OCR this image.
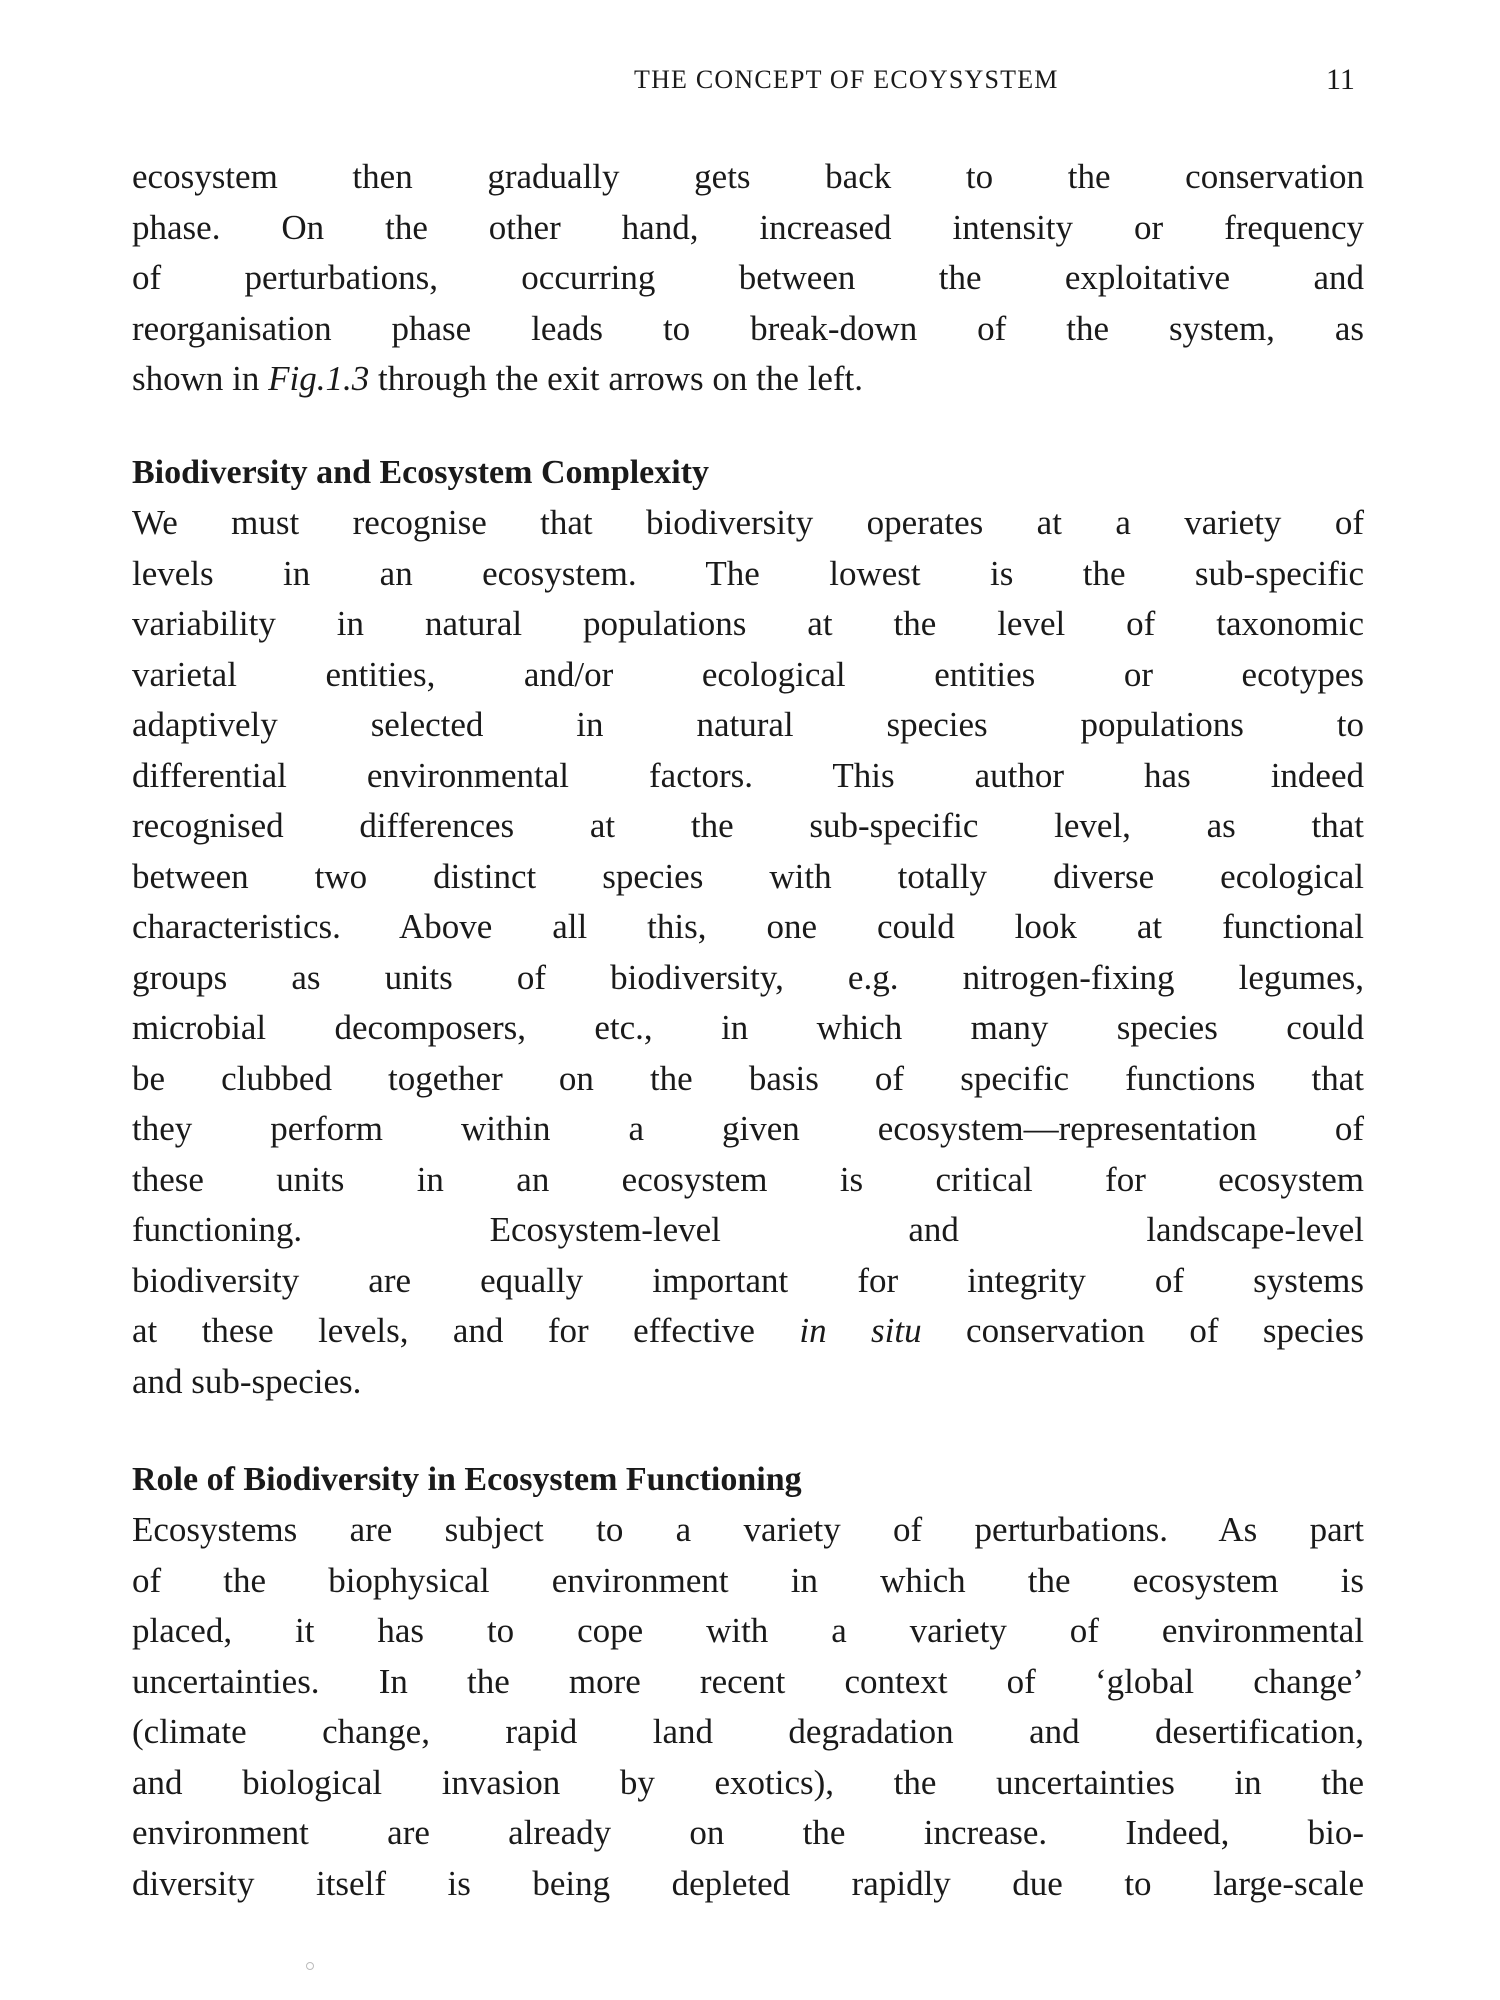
THE CONCEPT OF ECOYSYSTEM	11
ecosystem then gradually gets back to the conservation
phase. On the other hand, increased intensity or frequency
of perturbations, occurring between the exploitative and
reorganisation phase leads to break-down of the system, as
shown in Fig.1.3 through the exit arrows on the left.
Biodiversity and Ecosystem Complexity
We must recognise that biodiversity operates at a variety of
levels in an ecosystem. The lowest is the sub-specific
variability in natural populations at the level of taxonomic
varietal entities, and/or ecological entities or ecotypes
adaptively selected in natural species populations to
differential environmental factors. This author has indeed
recognised differences at the sub-specific level, as that
between two distinct species with totally diverse ecological
characteristics. Above all this, one could look at functional
groups as units of biodiversity, e.g. nitrogen-fixing legumes,
microbial decomposers, etc., in which many species could
be clubbed together on the basis of specific functions that
they perform within a given ecosystem—representation of
these units in an ecosystem is critical for ecosystem
functioning. Ecosystem-level and landscape-level
biodiversity are equally important for integrity of systems
at these levels, and for effective in situ conservation of species
and sub-species.
Role of Biodiversity in Ecosystem Functioning
Ecosystems are subject to a variety of perturbations. As part
of the biophysical environment in which the ecosystem is
placed, it has to cope with a variety of environmental
uncertainties. In the more recent context of ‘global change’
(climate change, rapid land degradation and desertification,
and biological invasion by exotics), the uncertainties in the
environment are already on the increase. Indeed, bio-
diversity itself is being depleted rapidly due to large-scale
